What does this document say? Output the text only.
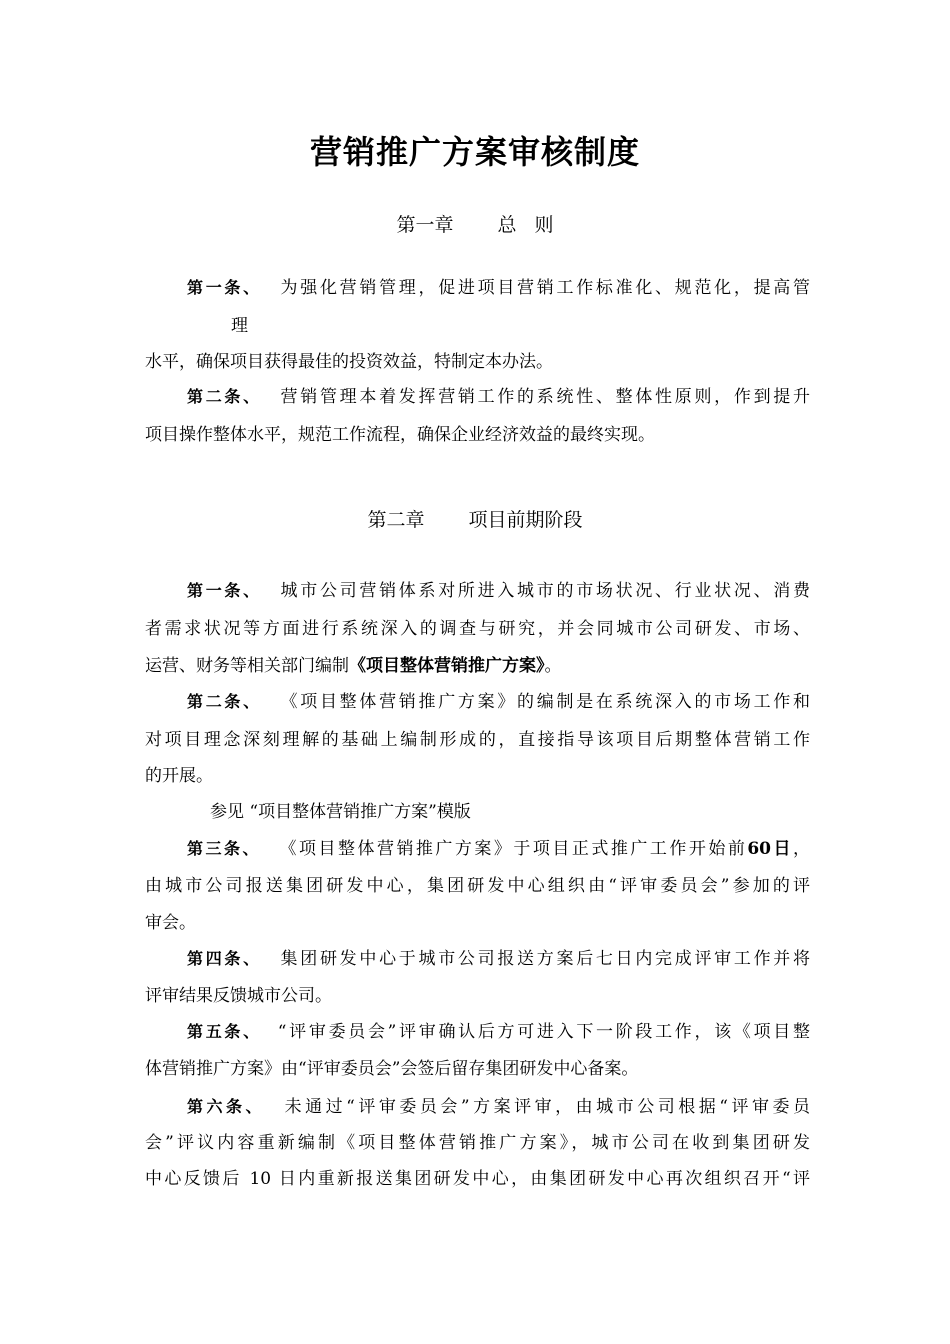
营销推广方案审核制度
第一章 总 则
第一条、 为强化营销管理，促进项目营销工作标准化、规范化，提高管
理
水平，确保项目获得最佳的投资效益，特制定本办法。
第二条、 营销管理本着发挥营销工作的系统性、整体性原则，作到提升
项目操作整体水平，规范工作流程，确保企业经济效益的最终实现。
第二章 项目前期阶段
第一条、 城市公司营销体系对所进入城市的市场状况、行业状况、消费
者需求状况等方面进行系统深入的调查与研究，并会同城市公司研发、市场、
运营、财务等相关部门编制《项目整体营销推广方案》。
第二条、 《项目整体营销推广方案》的编制是在系统深入的市场工作和
对项目理念深刻理解的基础上编制形成的，直接指导该项目后期整体营销工作
的开展。
参见 “项目整体营销推广方案”模版
第三条、 《项目整体营销推广方案》于项目正式推广工作开始前60日，
由城市公司报送集团研发中心，集团研发中心组织由“评审委员会”参加的评
审会。
第四条、 集团研发中心于城市公司报送方案后七日内完成评审工作并将
评审结果反馈城市公司。
第五条、 “评审委员会”评审确认后方可进入下一阶段工作，该《项目整
体营销推广方案》由“评审委员会”会签后留存集团研发中心备案。
第六条、 未通过“评审委员会”方案评审，由城市公司根据“评审委员
会”评议内容重新编制《项目整体营销推广方案》，城市公司在收到集团研发
中心反馈后 10 日内重新报送集团研发中心，由集团研发中心再次组织召开“评
